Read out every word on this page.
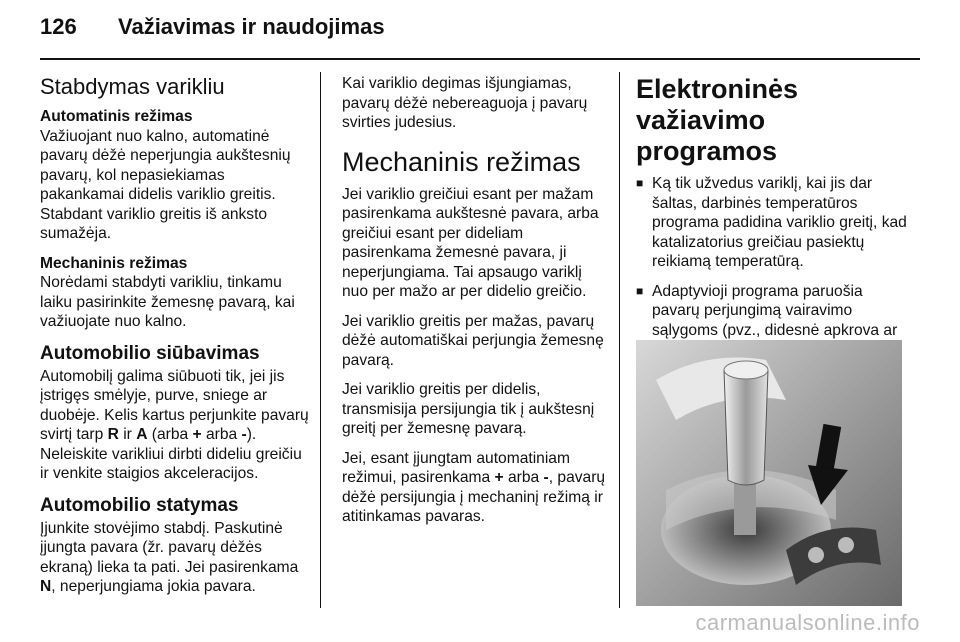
126 Važiavimas ir naudojimas
Stabdymas varikliu
Automatinis režimas

Važiuojant nuo kalno, automatinė pavarų dėžė neperjungia aukštesnių pavarų, kol nepasiekiamas pakankamai didelis variklio greitis. Stabdant variklio greitis iš anksto sumažėja.

Mechaninis režimas

Norėdami stabdyti varikliu, tinkamu laiku pasirinkite žemesnę pavarą, kai važiuojate nuo kalno.

Automobilio siūbavimas

Automobilį galima siūbuoti tik, jei jis įstrigęs smėlyje, purve, sniege ar duobėje. Kelis kartus perjunkite pavarų svirtį tarp R ir A (arba + arba -). Neleiskite varikliui dirbti dideliu greičiu ir venkite staigios akceleracijos.

Automobilio statymas

Įjunkite stovėjimo stabdį. Paskutinė įjungta pavara (žr. pavarų dėžės ekraną) lieka ta pati. Jei pasirenkama N, neperjungiama jokia pavara.

Kai variklio degimas išjungiamas, pavarų dėžė nebereaguoja į pavarų svirties judesius.

Mechaninis režimas

Jei variklio greičiui esant per mažam pasirenkama aukštesnė pavara, arba greičiui esant per dideliam pasirenkama žemesnė pavara, ji neperjungiama. Tai apsaugo variklį nuo per mažo ar per didelio greičio.

Jei variklio greitis per mažas, pavarų dėžė automatiškai perjungia žemesnę pavarą.

Jei variklio greitis per didelis, transmisija persijungia tik į aukštesnį greitį per žemesnę pavarą.

Jei, esant įjungtam automatiniam režimui, pasirenkama + arba -, pavarų dėžė persijungia į mechaninį režimą ir atitinkamas pavaras.

Elektroninės važiavimo programos
■ Ką tik užvedus variklį, kai jis dar šaltas, darbinės temperatūros programa padidina variklio greitį, kad katalizatorius greičiau pasiektų reikiamą temperatūrą.
■ Adaptyvioji programa paruošia pavarų perjungimą vairavimo sąlygoms (pvz., didesnė apkrova ar
carmanualsonline.info
